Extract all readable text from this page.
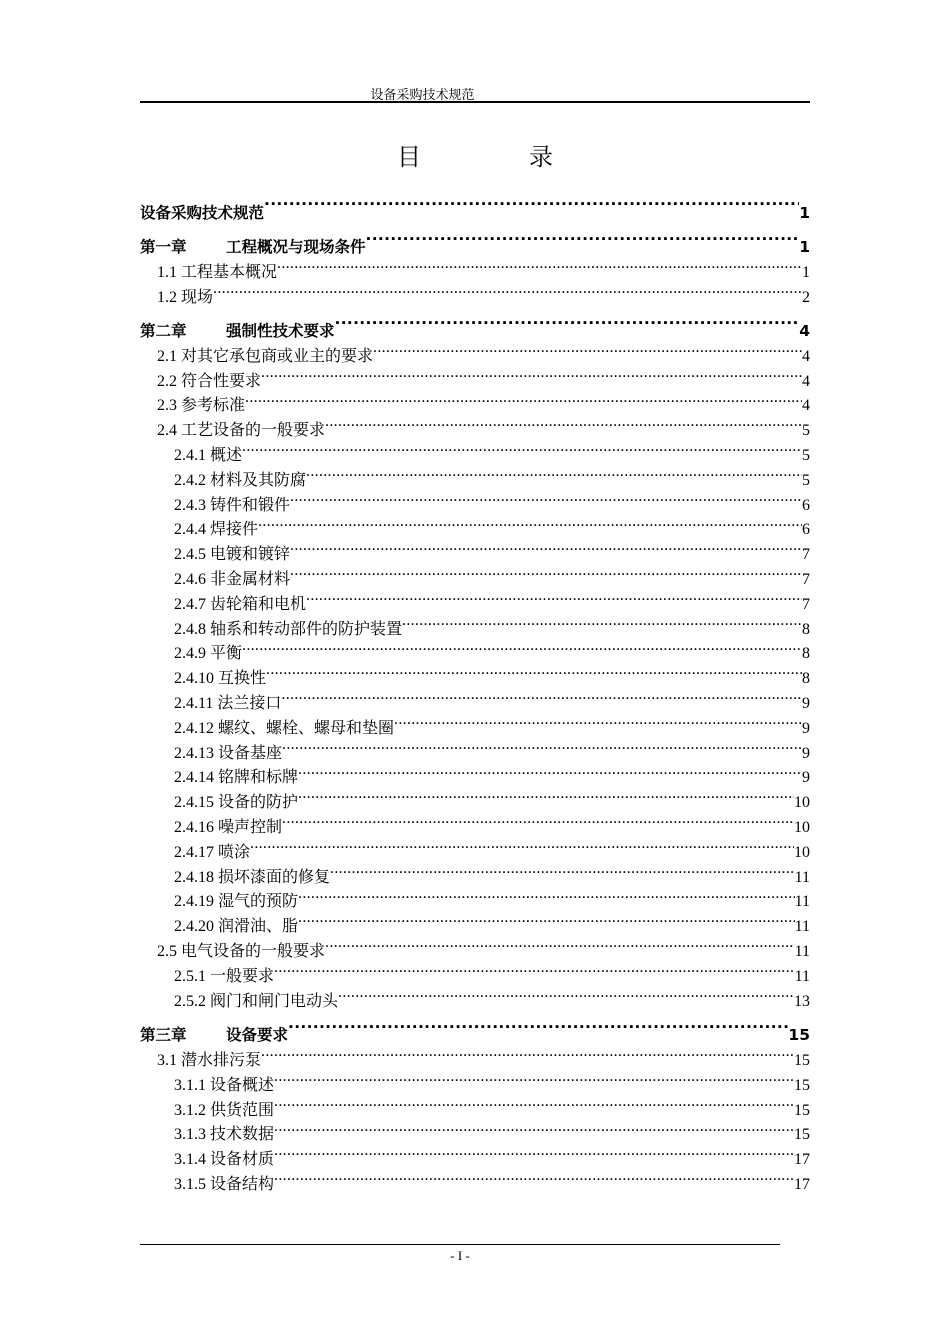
设备采购技术规范
目录
设备采购技术规范 .....	1
第一章	工程概况与现场条件 .....	1
1.1 工程基本概况 .....	1
1.2 现场 .....	2
第二章	强制性技术要求 .....	4
2.1 对其它承包商或业主的要求 .....	4
2.2 符合性要求 .....	4
2.3 参考标准 .....	4
2.4 工艺设备的一般要求 .....	5
2.4.1 概述 .....	5
2.4.2 材料及其防腐 .....	5
2.4.3 铸件和锻件 .....	6
2.4.4 焊接件 .....	6
2.4.5 电镀和镀锌 .....	7
2.4.6 非金属材料 .....	7
2.4.7 齿轮箱和电机 .....	7
2.4.8 轴系和转动部件的防护装置 .....	8
2.4.9 平衡 .....	8
2.4.10 互换性 .....	8
2.4.11 法兰接口 .....	9
2.4.12 螺纹、螺栓、螺母和垫圈 .....	9
2.4.13 设备基座 .....	9
2.4.14 铭牌和标牌 .....	9
2.4.15 设备的防护 .....	10
2.4.16 噪声控制 .....	10
2.4.17 喷涂 .....	10
2.4.18 损坏漆面的修复 .....	11
2.4.19 湿气的预防 .....	11
2.4.20 润滑油、脂 .....	11
2.5 电气设备的一般要求 .....	11
2.5.1 一般要求 .....	11
2.5.2 阀门和闸门电动头 .....	13
第三章	设备要求 .....	15
3.1 潜水排污泵 .....	15
3.1.1 设备概述 .....	15
3.1.2 供货范围 .....	15
3.1.3 技术数据 .....	15
3.1.4 设备材质 .....	17
3.1.5 设备结构 .....	17
- I -
